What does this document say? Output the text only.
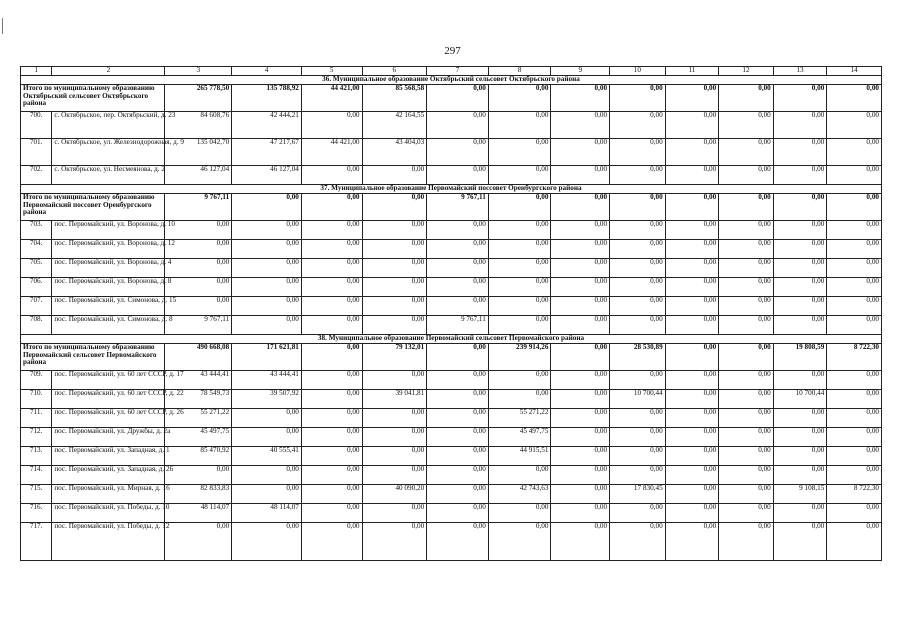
297
1	2	3	4	5	6	7	8	9	10	11	12	13	14
36. Муниципальное образование Октябрьский сельсовет Октябрьского района													
Итого по муниципальному образованию Октябрьский сельсовет Октябрьского района		265 778,50	135 788,92	44 421,00	85 568,58	0,00	0,00	0,00	0,00	0,00	0,00	0,00	0,00
700.	с. Октябрьское, пер. Октябрьский, д. 23	84 608,76	42 444,21	0,00	42 164,55	0,00	0,00	0,00	0,00	0,00	0,00	0,00	0,00
701.	с. Октябрьское, ул. Железнодорожная, д. 9	135 042,70	47 217,67	44 421,00	43 404,03	0,00	0,00	0,00	0,00	0,00	0,00	0,00	0,00
702.	с. Октябрьское, ул. Несмеянова, д. 2	46 127,04	46 127,04	0,00	0,00	0,00	0,00	0,00	0,00	0,00	0,00	0,00	0,00
37. Муниципальное образование Первомайский поссовет Оренбургского района													
Итого по муниципальному образованию Первомайский поссовет Оренбургского района		9 767,11	0,00	0,00	0,00	9 767,11	0,00	0,00	0,00	0,00	0,00	0,00	0,00
703.	пос. Первомайский, ул. Воронова, д. 10	0,00	0,00	0,00	0,00	0,00	0,00	0,00	0,00	0,00	0,00	0,00	0,00
704.	пос. Первомайский, ул. Воронова, д. 12	0,00	0,00	0,00	0,00	0,00	0,00	0,00	0,00	0,00	0,00	0,00	0,00
705.	пос. Первомайский, ул. Воронова, д. 4	0,00	0,00	0,00	0,00	0,00	0,00	0,00	0,00	0,00	0,00	0,00	0,00
706.	пос. Первомайский, ул. Воронова, д. 8	0,00	0,00	0,00	0,00	0,00	0,00	0,00	0,00	0,00	0,00	0,00	0,00
707.	пос. Первомайский, ул. Симонова, д. 15	0,00	0,00	0,00	0,00	0,00	0,00	0,00	0,00	0,00	0,00	0,00	0,00
708.	пос. Первомайский, ул. Симонова, д. 8	9 767,11	0,00	0,00	0,00	9 767,11	0,00	0,00	0,00	0,00	0,00	0,00	0,00
38. Муниципальное образование Первомайский сельсовет Первомайского района													
Итого по муниципальному образованию Первомайский сельсовет Первомайского района		490 668,08	171 621,81	0,00	79 132,01	0,00	239 914,26	0,00	28 530,89	0,00	0,00	19 808,59	8 722,30
709.	пос. Первомайский, ул. 60 лет СССР, д. 17	43 444,41	43 444,41	0,00	0,00	0,00	0,00	0,00	0,00	0,00	0,00	0,00	0,00
710.	пос. Первомайский, ул. 60 лет СССР, д. 22	78 549,73	39 507,92	0,00	39 041,81	0,00	0,00	0,00	10 700,44	0,00	0,00	10 700,44	0,00
711.	пос. Первомайский, ул. 60 лет СССР, д. 26	55 271,22	0,00	0,00	0,00	0,00	55 271,22	0,00	0,00	0,00	0,00	0,00	0,00
712.	пос. Первомайский, ул. Дружбы, д. 2а	45 497,75	0,00	0,00	0,00	0,00	45 497,75	0,00	0,00	0,00	0,00	0,00	0,00
713.	пос. Первомайский, ул. Западная, д. 1	85 470,92	40 555,41	0,00	0,00	0,00	44 915,51	0,00	0,00	0,00	0,00	0,00	0,00
714.	пос. Первомайский, ул. Западная, д. 26	0,00	0,00	0,00	0,00	0,00	0,00	0,00	0,00	0,00	0,00	0,00	0,00
715.	пос. Первомайский, ул. Мирная, д. 16	82 833,83	0,00	0,00	40 090,20	0,00	42 743,63	0,00	17 830,45	0,00	0,00	9 108,15	8 722,30
716.	пос. Первомайский, ул. Победы, д. 10	48 114,07	48 114,07	0,00	0,00	0,00	0,00	0,00	0,00	0,00	0,00	0,00	0,00
717.	пос. Первомайский, ул. Победы, д. 12	0,00	0,00	0,00	0,00	0,00	0,00	0,00	0,00	0,00	0,00	0,00	0,00
